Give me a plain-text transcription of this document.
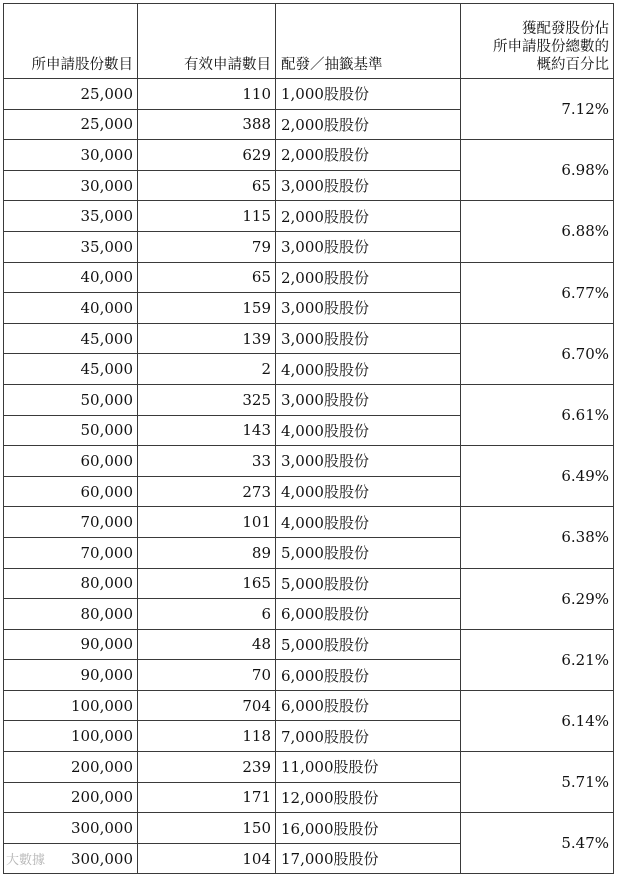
所申請股份數目	有效申請數目	配發／抽籤基準	獲配發股份佔
所申請股份總數的
概約百分比

25,000	110	1,000股股份	7.12%
25,000	388	2,000股股份	
30,000	629	2,000股股份	6.98%
30,000	65	3,000股股份	
35,000	115	2,000股股份	6.88%
35,000	79	3,000股股份	
40,000	65	2,000股股份	6.77%
40,000	159	3,000股股份	
45,000	139	3,000股股份	6.70%
45,000	2	4,000股股份	
50,000	325	3,000股股份	6.61%
50,000	143	4,000股股份	
60,000	33	3,000股股份	6.49%
60,000	273	4,000股股份	
70,000	101	4,000股股份	6.38%
70,000	89	5,000股股份	
80,000	165	5,000股股份	6.29%
80,000	6	6,000股股份	
90,000	48	5,000股股份	6.21%
90,000	70	6,000股股份	
100,000	704	6,000股股份	6.14%
100,000	118	7,000股股份	
200,000	239	11,000股股份	5.71%
200,000	171	12,000股股份	
300,000	150	16,000股股份	5.47%
300,000	104	17,000股股份	
大數據
